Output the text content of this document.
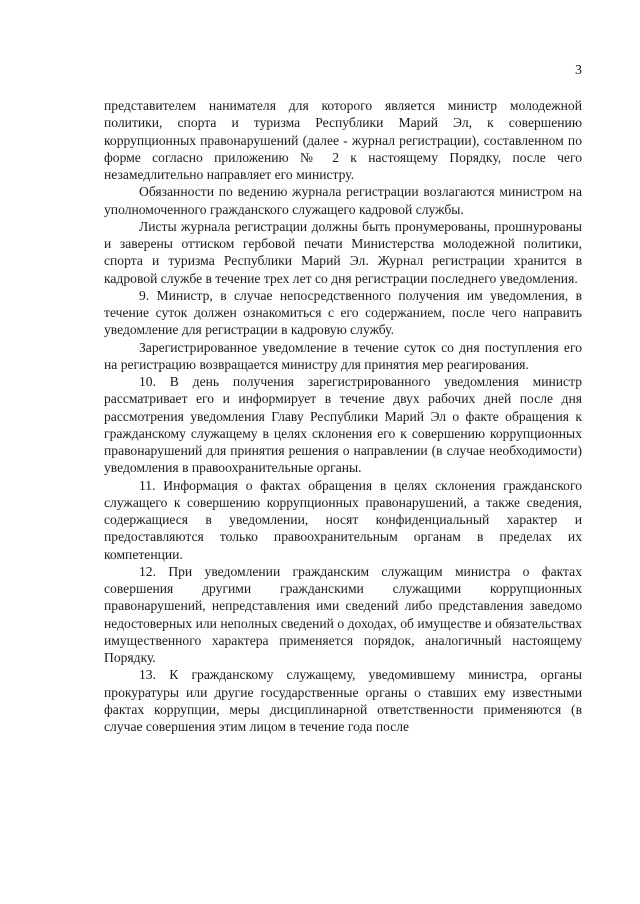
3

представителем нанимателя для которого является министр молодежной политики, спорта и туризма Республики Марий Эл, к совершению коррупционных правонарушений (далее - журнал регистрации), составленном по форме согласно приложению № 2 к настоящему Порядку, после чего незамедлительно направляет его министру.

Обязанности по ведению журнала регистрации возлагаются министром на уполномоченного гражданского служащего кадровой службы.

Листы журнала регистрации должны быть пронумерованы, прошнурованы и заверены оттиском гербовой печати Министерства молодежной политики, спорта и туризма Республики Марий Эл. Журнал регистрации хранится в кадровой службе в течение трех лет со дня регистрации последнего уведомления.

9. Министр, в случае непосредственного получения им уведомления, в течение суток должен ознакомиться с его содержанием, после чего направить уведомление для регистрации в кадровую службу.

Зарегистрированное уведомление в течение суток со дня поступления его на регистрацию возвращается министру для принятия мер реагирования.

10. В день получения зарегистрированного уведомления министр рассматривает его и информирует в течение двух рабочих дней после дня рассмотрения уведомления Главу Республики Марий Эл о факте обращения к гражданскому служащему в целях склонения его к совершению коррупционных правонарушений для принятия решения о направлении (в случае необходимости) уведомления в правоохранительные органы.

11. Информация о фактах обращения в целях склонения гражданского служащего к совершению коррупционных правонарушений, а также сведения, содержащиеся в уведомлении, носят конфиденциальный характер и предоставляются только правоохранительным органам в пределах их компетенции.

12. При уведомлении гражданским служащим министра о фактах совершения другими гражданскими служащими коррупционных правонарушений, непредставления ими сведений либо представления заведомо недостоверных или неполных сведений о доходах, об имуществе и обязательствах имущественного характера применяется порядок, аналогичный настоящему Порядку.

13. К гражданскому служащему, уведомившему министра, органы прокуратуры или другие государственные органы о ставших ему известными фактах коррупции, меры дисциплинарной ответственности применяются (в случае совершения этим лицом в течение года после
